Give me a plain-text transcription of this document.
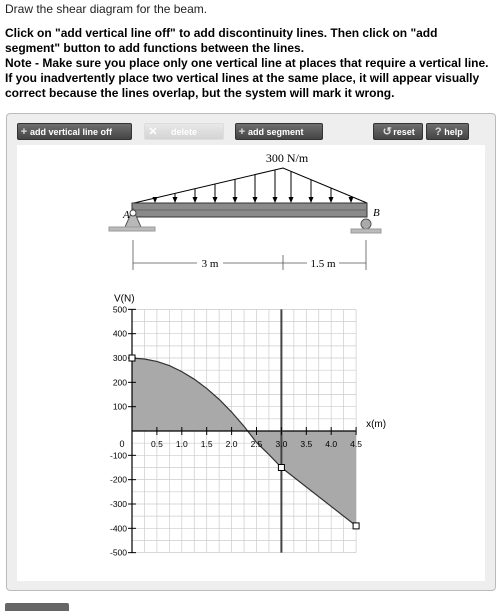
Draw the shear diagram for the beam.
Click on "add vertical line off" to add discontinuity lines. Then click on "add
segment" button to add functions between the lines.
Note - Make sure you place only one vertical line at places that require a vertical line.
If you inadvertently place two vertical lines at the same place, it will appear visually
correct because the lines overlap, but the system will mark it wrong.
+ add vertical line off	✕ delete	+ add segment	↺reset	? help
300 N/m
A	B
3 m	1.5 m
500
400
300
200
100
-100
-200
-300
-400
-500
0.5 1.0 1.5 2.0 2.5 3.0 3.5 4.0 4.5
0
V(N)
x(m)
